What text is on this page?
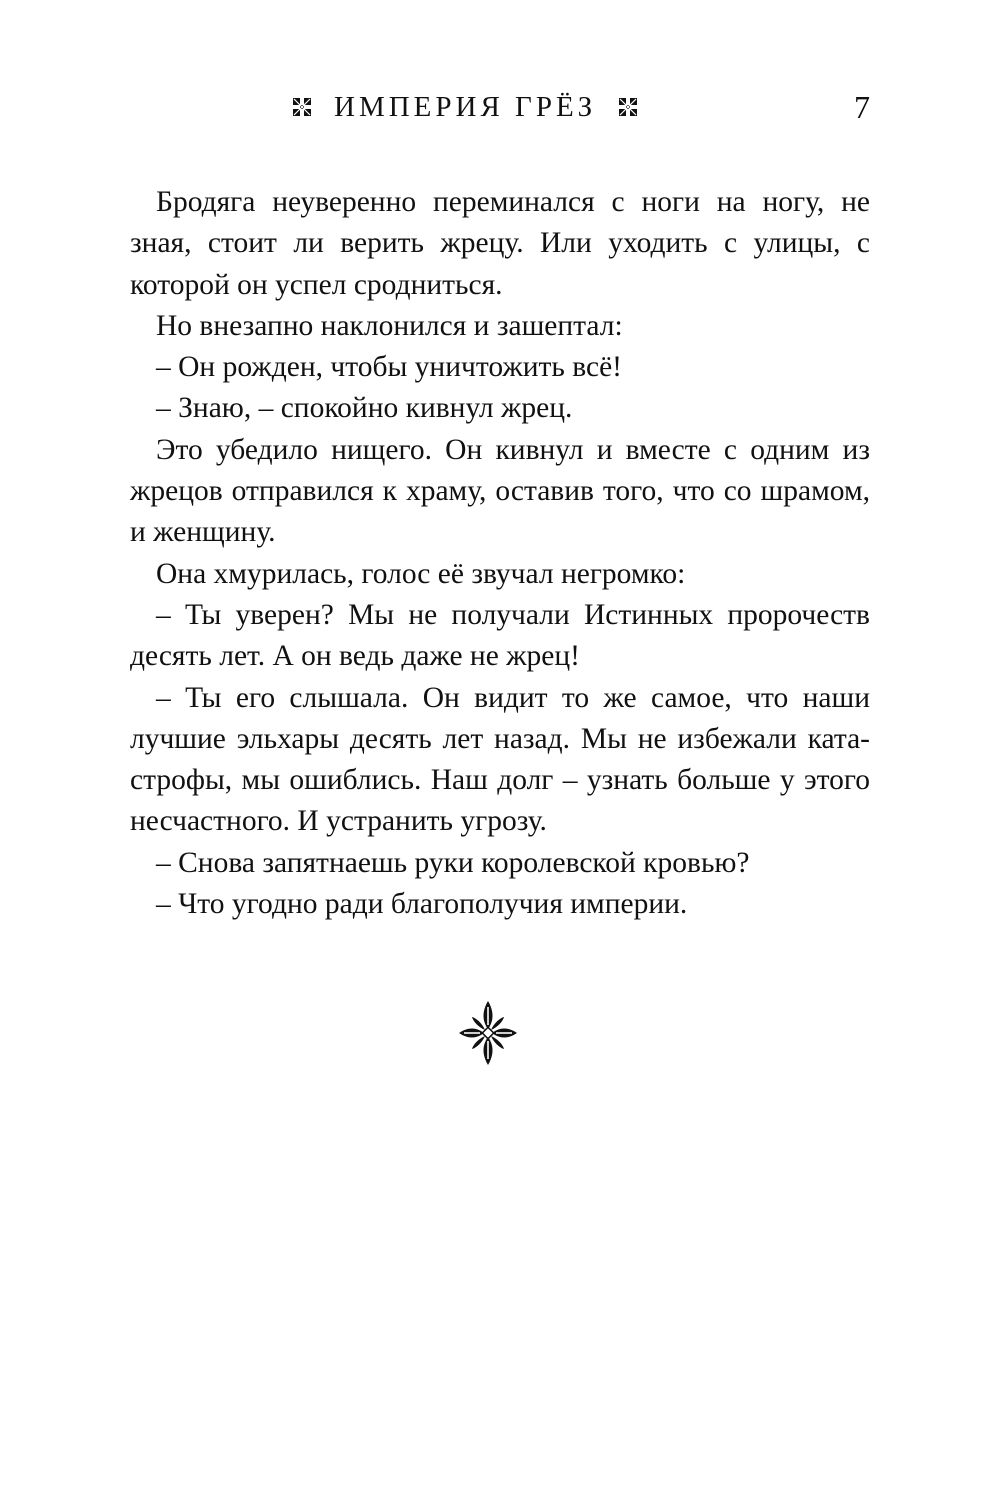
ИМПЕРИЯ ГРЁЗ	7

Бродяга неуверенно переминался с ноги на ногу, не зная, стоит ли верить жрецу. Или уходить с улицы, с которой он успел сродниться.

Но внезапно наклонился и зашептал:

– Он рожден, чтобы уничтожить всё!

– Знаю, – спокойно кивнул жрец.

Это убедило нищего. Он кивнул и вместе с одним из жрецов отправился к храму, оставив того, что со шрамом, и женщину.

Она хмурилась, голос её звучал негромко:

– Ты уверен? Мы не получали Истинных пророчеств десять лет. А он ведь даже не жрец!

– Ты его слышала. Он видит то же самое, что наши лучшие эльхары десять лет назад. Мы не избежали катастрофы, мы ошиблись. Наш долг – узнать больше у этого несчастного. И устранить угрозу.

– Снова запятнаешь руки королевской кровью?

– Что угодно ради благополучия империи.
